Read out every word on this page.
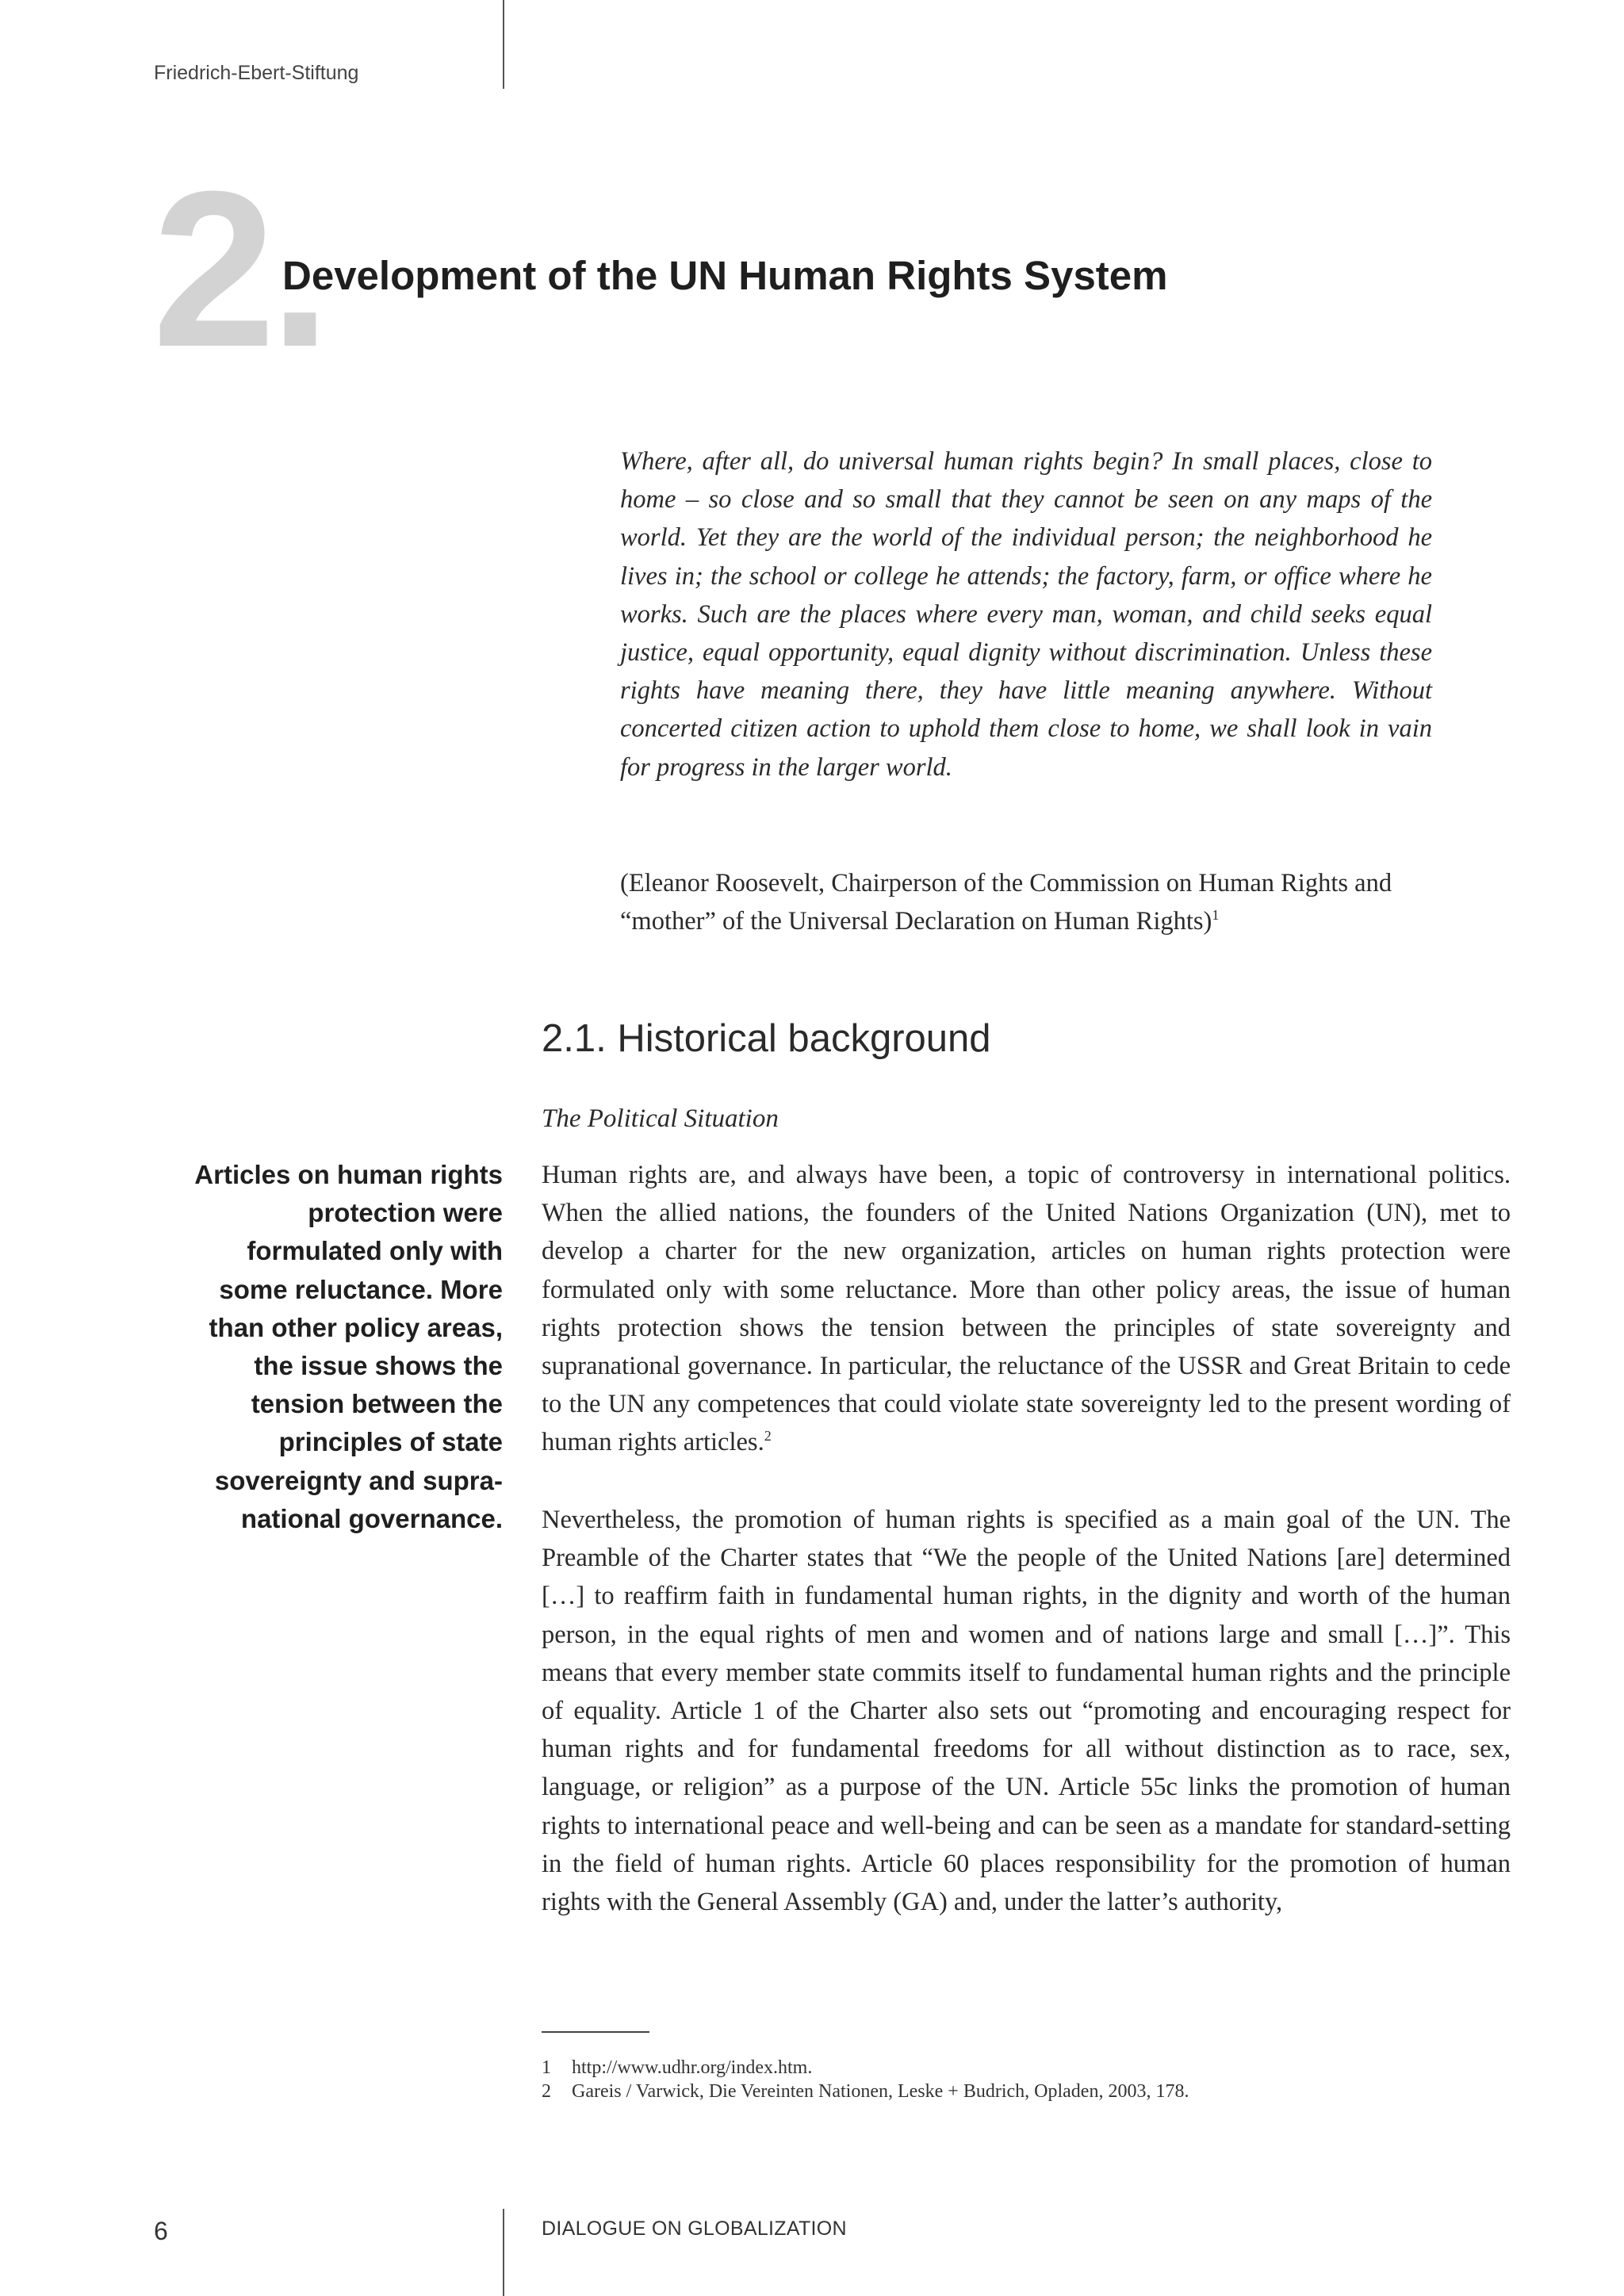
Friedrich-Ebert-Stiftung
2.
Development of the UN Human Rights System
Where, after all, do universal human rights begin? In small places, close to home – so close and so small that they cannot be seen on any maps of the world. Yet they are the world of the individual person; the neighborhood he lives in; the school or college he attends; the factory, farm, or office where he works. Such are the places where every man, woman, and child seeks equal justice, equal opportunity, equal dignity without discrimination. Unless these rights have meaning there, they have little meaning anywhere. Without concerted citizen action to uphold them close to home, we shall look in vain for progress in the larger world.
(Eleanor Roosevelt, Chairperson of the Commission on Human Rights and “mother” of the Universal Declaration on Human Rights)$^1$
2.1. Historical background
The Political Situation
Articles on human rights protection were formulated only with some reluctance. More than other policy areas, the issue shows the tension between the principles of state sovereignty and supra-national governance.
Human rights are, and always have been, a topic of controversy in international politics. When the allied nations, the founders of the United Nations Organization (UN), met to develop a charter for the new organization, articles on human rights protection were formulated only with some reluctance. More than other policy areas, the issue of human rights protection shows the tension between the principles of state sovereignty and supranational governance. In particular, the reluctance of the USSR and Great Britain to cede to the UN any competences that could violate state sovereignty led to the present wording of human rights articles.$^2$
Nevertheless, the promotion of human rights is specified as a main goal of the UN. The Preamble of the Charter states that “We the people of the United Nations [are] determined […] to reaffirm faith in fundamental human rights, in the dignity and worth of the human person, in the equal rights of men and women and of nations large and small […]”. This means that every member state commits itself to fundamental human rights and the principle of equality. Article 1 of the Charter also sets out “promoting and encouraging respect for human rights and for fundamental freedoms for all without distinction as to race, sex, language, or religion” as a purpose of the UN. Article 55c links the promotion of human rights to international peace and well-being and can be seen as a mandate for standard-setting in the field of human rights. Article 60 places responsibility for the promotion of human rights with the General Assembly (GA) and, under the latter’s authority,
1 http://www.udhr.org/index.htm.
2 Gareis / Varwick, Die Vereinten Nationen, Leske + Budrich, Opladen, 2003, 178.
6	DIALOGUE ON GLOBALIZATION
